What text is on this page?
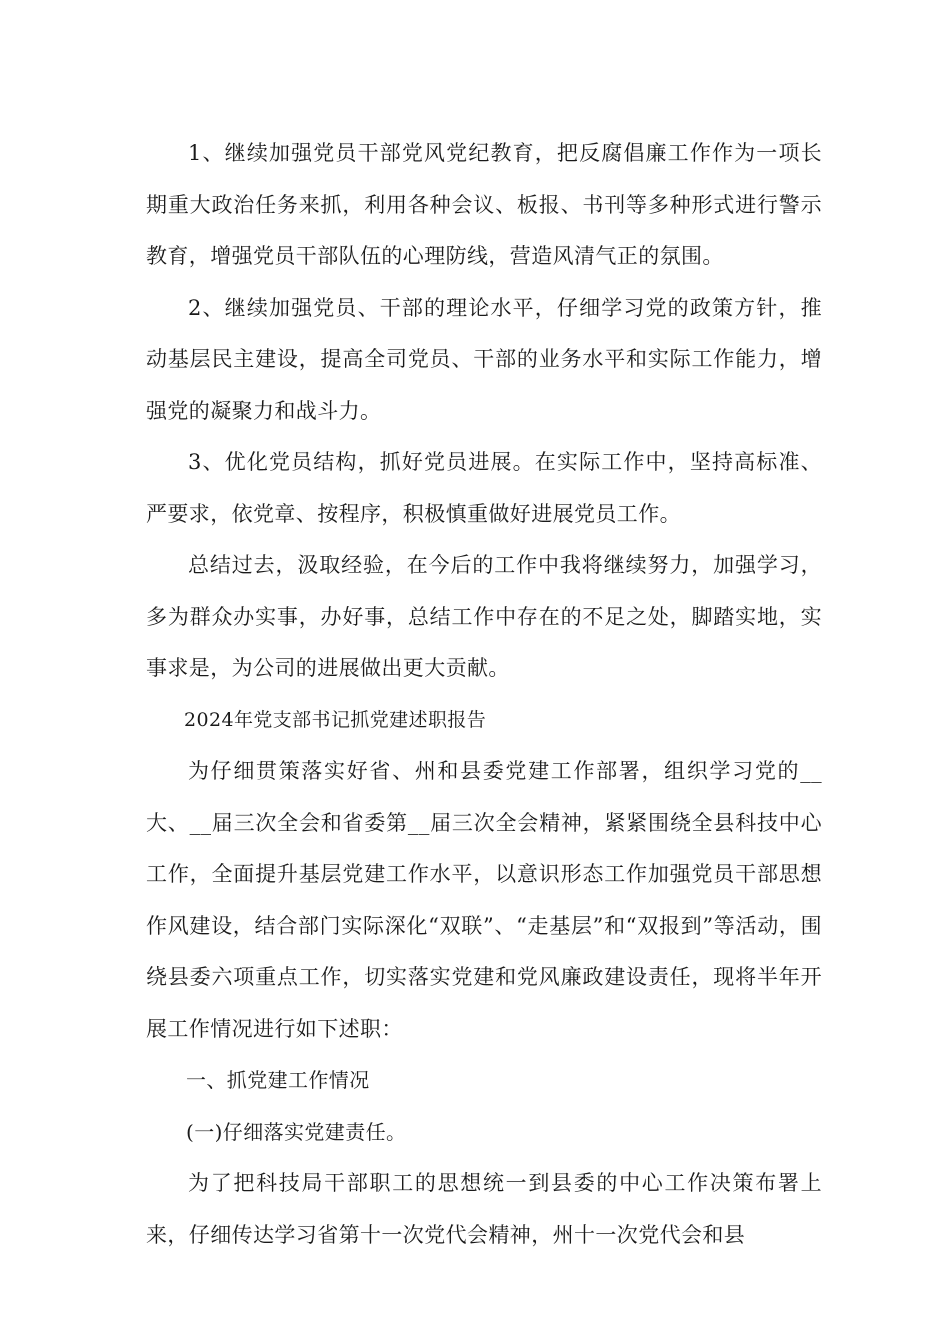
1、继续加强党员干部党风党纪教育，把反腐倡廉工作作为一项长期重大政治任务来抓，利用各种会议、板报、书刊等多种形式进行警示教育，增强党员干部队伍的心理防线，营造风清气正的氛围。

2、继续加强党员、干部的理论水平，仔细学习党的政策方针，推动基层民主建设，提高全司党员、干部的业务水平和实际工作能力，增强党的凝聚力和战斗力。

3、优化党员结构，抓好党员进展。在实际工作中，坚持高标准、严要求，依党章、按程序，积极慎重做好进展党员工作。

总结过去，汲取经验，在今后的工作中我将继续努力，加强学习，多为群众办实事，办好事，总结工作中存在的不足之处，脚踏实地，实事求是，为公司的进展做出更大贡献。

2024年党支部书记抓党建述职报告

为仔细贯策落实好省、州和县委党建工作部署，组织学习党的__大、__届三次全会和省委第__届三次全会精神，紧紧围绕全县科技中心工作，全面提升基层党建工作水平，以意识形态工作加强党员干部思想作风建设，结合部门实际深化“双联”、“走基层”和“双报到”等活动，围绕县委六项重点工作，切实落实党建和党风廉政建设责任，现将半年开展工作情况进行如下述职：

一、抓党建工作情况

(一)仔细落实党建责任。

为了把科技局干部职工的思想统一到县委的中心工作决策布署上来，仔细传达学习省第十一次党代会精神，州十一次党代会和县
